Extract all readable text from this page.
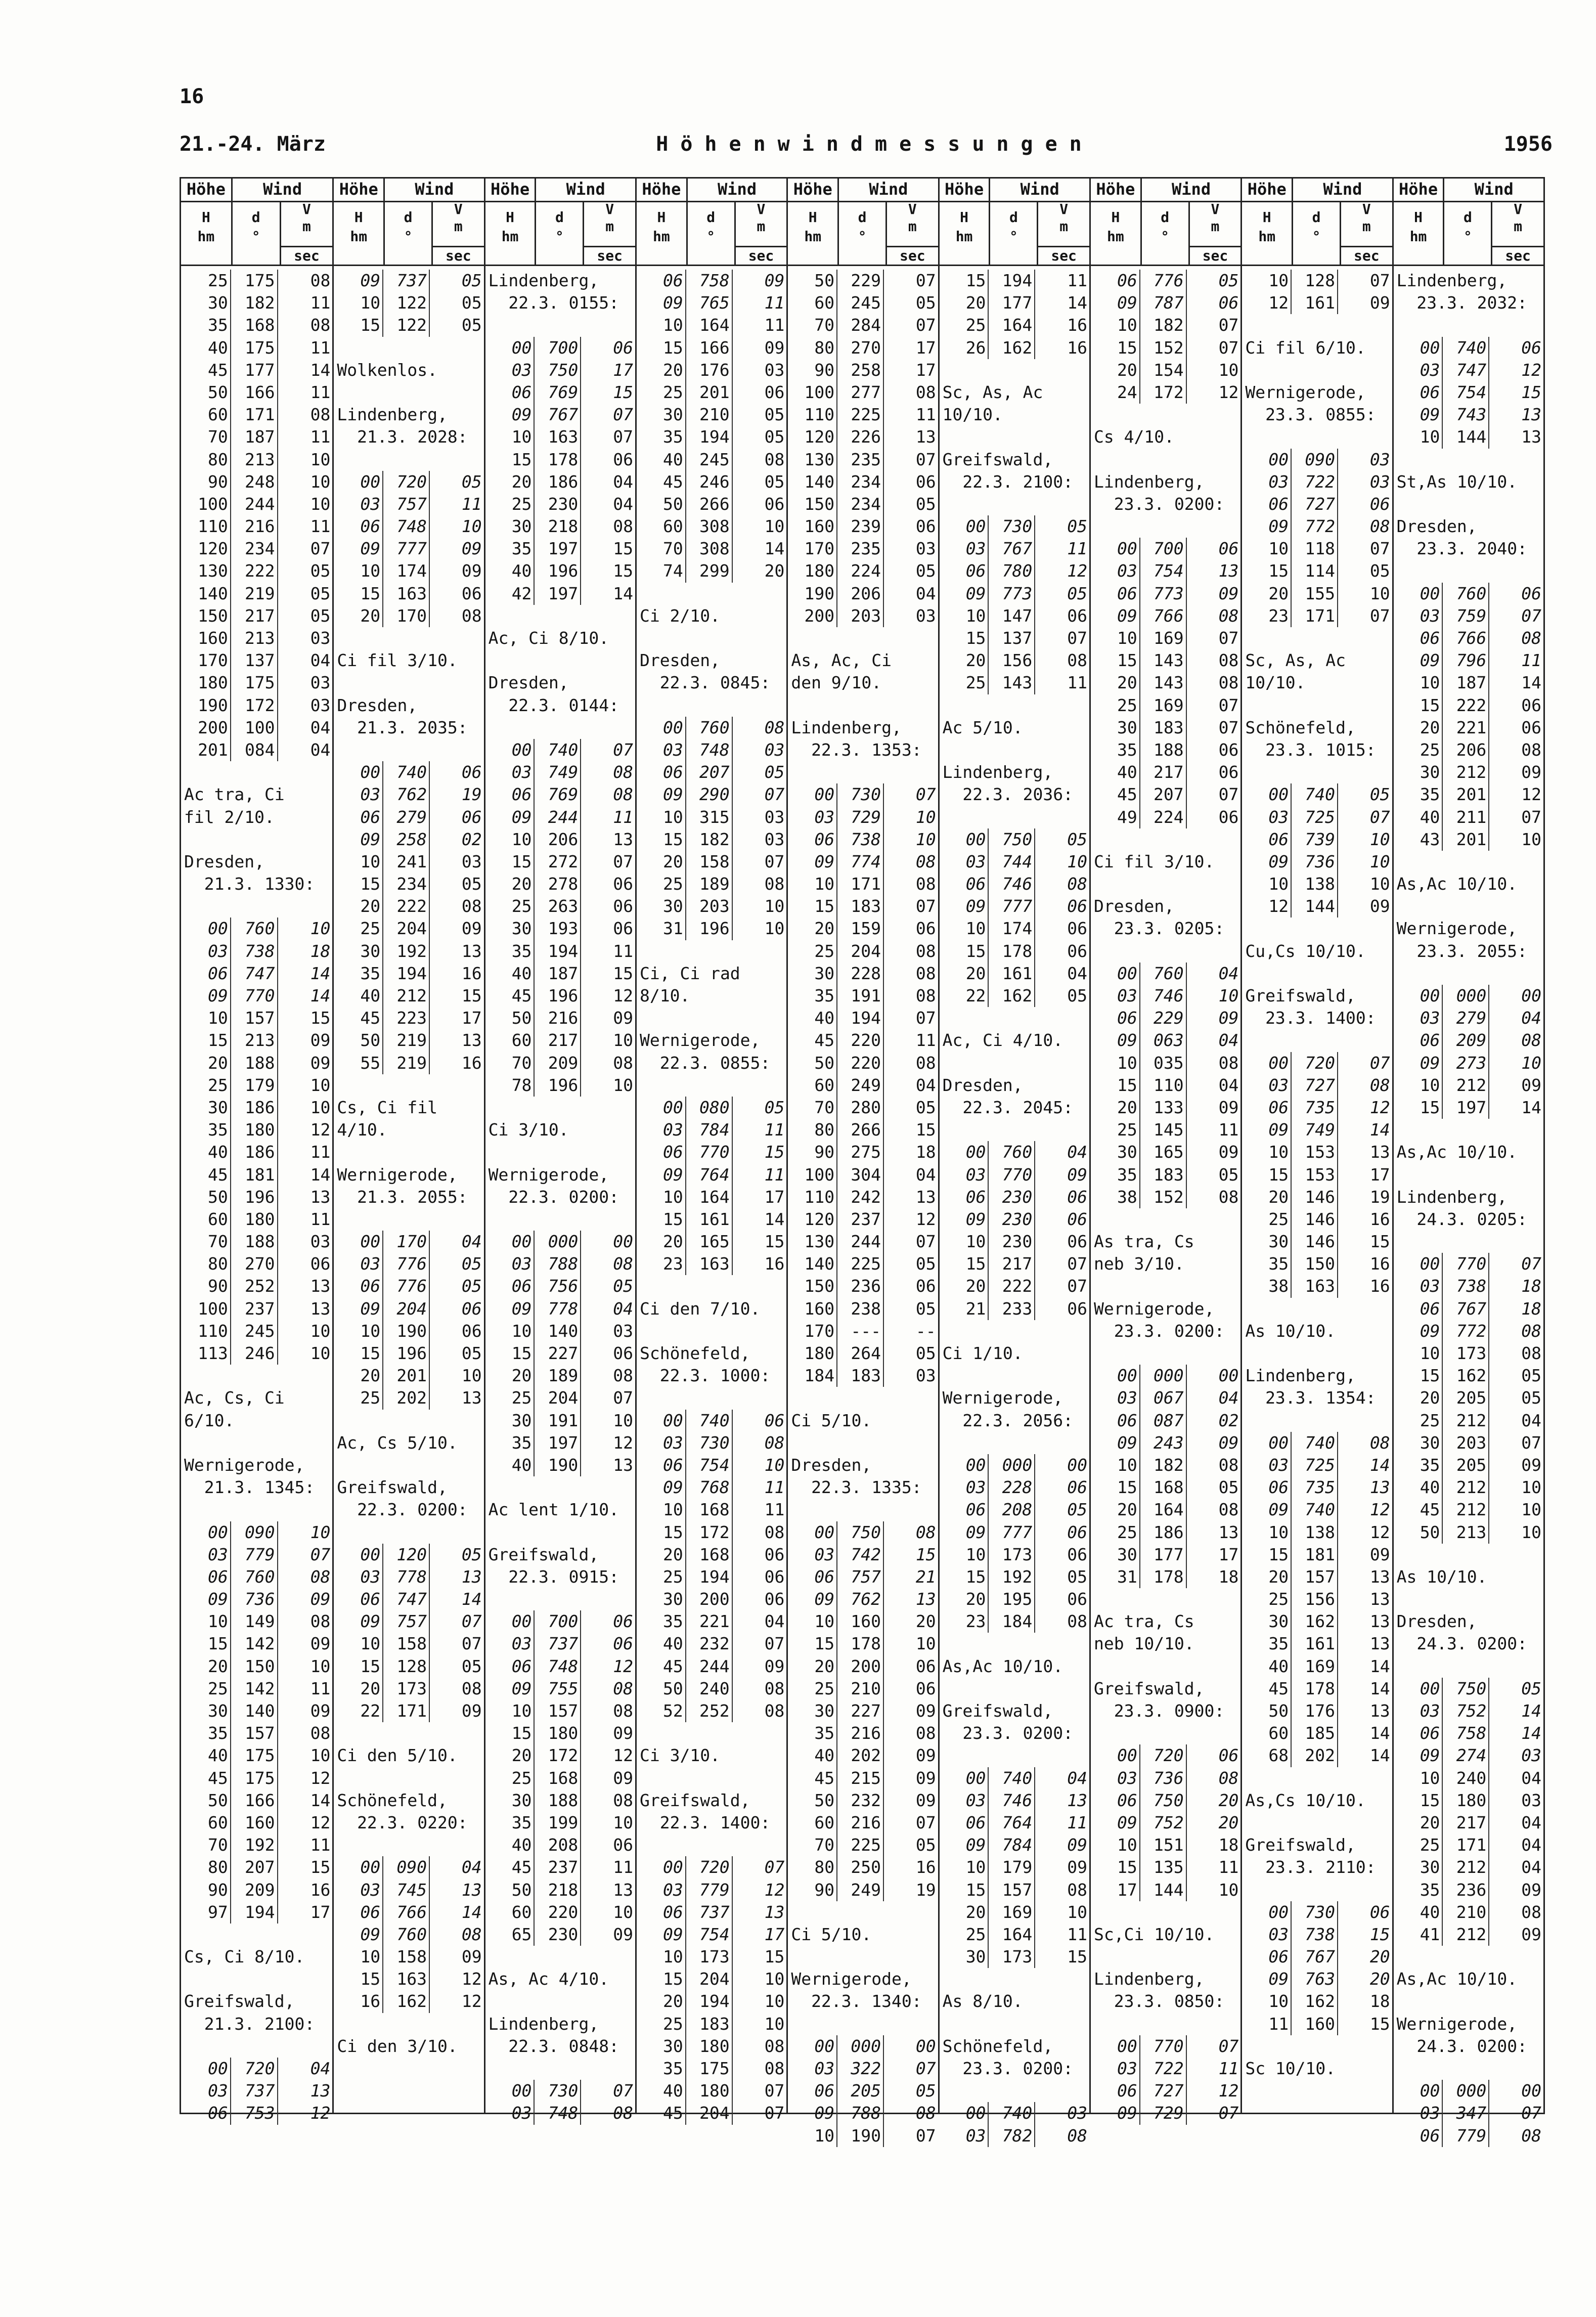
16
21.-24. März	Höhenwindmessungen	1956
Höhe	Wind
H
hm
d
°
V
m
sec
25	175	08
30	182	11
35	168	08
40	175	11
45	177	14
50	166	11
60	171	08
70	187	11
80	213	10
90	248	10
100	244	10
110	216	11
120	234	07
130	222	05
140	219	05
150	217	05
160	213	03
170	137	04
180	175	03
190	172	03
200	100	04
201	084	04
Ac tra, Ci
fil 2/10.
Dresden,
21.3. 1330:
00	760	10
03	738	18
06	747	14
09	770	14
10	157	15
15	213	09
20	188	09
25	179	10
30	186	10
35	180	12
40	186	11
45	181	14
50	196	13
60	180	11
70	188	03
80	270	06
90	252	13
100	237	13
110	245	10
113	246	10
Ac, Cs, Ci
6/10.
Wernigerode,
21.3. 1345:
00	090	10
03	779	07
06	760	08
09	736	09
10	149	08
15	142	09
20	150	10
25	142	11
30	140	09
35	157	08
40	175	10
45	175	12
50	166	14
60	160	12
70	192	11
80	207	15
90	209	16
97	194	17
Cs, Ci 8/10.
Greifswald,
21.3. 2100:
00	720	04
03	737	13
06	753	12
Höhe	Wind
H
hm
d
°
V
m
sec
09 737	05
10 122	05
15 122	05
Wolkenlos.
Lindenberg,
21.3. 2028:
00 720	05
03 757	11
06 748	10
09 777	09
10 174	09
15 163	06
20 170	08
Ci fil 3/10.
Dresden,
21.3. 2035:
00 740	06
03 762	19
06 279	06
09 258	02
10 241	03
15 234	05
20 222	08
25 204	09
30 192	13
35 194	16
40 212	15
45 223	17
50 219	13
55 219	16
Cs, Ci fil
4/10.
Wernigerode,
21.3. 2055:
00 170	04
03 776	05
06 776	05
09 204	06
10 190	06
15 196	05
20 201	10
25 202	13
Ac, Cs 5/10.
Greifswald,
22.3. 0200:
00 120	05
03 778	13
06 747	14
09 757	07
10 158	07
15 128	05
20 173	08
22 171	09
Ci den 5/10.
Schönefeld,
22.3. 0220:
00 090	04
03 745	13
06 766	14
09 760	08
10 158	09
15 163	12
16 162	12
Ci den 3/10.
Höhe	Wind
H
hm
d
°
V
m
sec
Lindenberg,
22.3. 0155:
00 700	06
03 750	17
06 769	15
09 767	07
10 163	07
15 178	06
20 186	04
25 230	04
30 218	08
35 197	15
40 196	15
42 197	14
Ac, Ci 8/10.
Dresden,
22.3. 0144:
00 740	07
03 749	08
06 769	08
09 244	11
10 206	13
15 272	07
20 278	06
25 263	06
30 193	06
35 194	11
40 187	15
45 196	12
50 216	09
60 217	10
70 209	08
78 196	10
Ci 3/10.
Wernigerode,
22.3. 0200:
00 000	00
03 788	08
06 756	05
09 778	04
10 140	03
15 227	06
20 189	08
25 204	07
30 191	10
35 197	12
40 190	13
Ac lent 1/10.
Greifswald,
22.3. 0915:
00 700	06
03 737	06
06 748	12
09 755	08
10 157	08
15 180	09
20 172	12
25 168	09
30 188	08
35 199	10
40 208	06
45 237	11
50 218	13
60 220	10
65 230	09
As, Ac 4/10.
Lindenberg,
22.3. 0848:
00 730	07
03 748	08
Höhe	Wind
H
hm
d
°
V
m
sec
06 758	09
09 765	11
10 164	11
15 166	09
20 176	03
25 201	06
30 210	05
35 194	05
40 245	08
45 246	05
50 266	06
60 308	10
70 308	14
74 299	20
Ci 2/10.
Dresden,
22.3. 0845:
00 760	08
03 748	03
06 207	05
09 290	07
10 315	03
15 182	03
20 158	07
25 189	08
30 203	10
31 196	10
Ci, Ci rad
8/10.
Wernigerode,
22.3. 0855:
00 080	05
03 784	11
06 770	15
09 764	11
10 164	17
15 161	14
20 165	15
23 163	16
Ci den 7/10.
Schönefeld,
22.3. 1000:
00 740	06
03 730	08
06 754	10
09 768	11
10 168	11
15 172	08
20 168	06
25 194	06
30 200	06
35 221	04
40 232	07
45 244	09
50 240	08
52 252	08
Ci 3/10.
Greifswald,
22.3. 1400:
00 720	07
03 779	12
06 737	13
09 754	17
10 173	15
15 204	10
20 194	10
25 183	10
30 180	08
35 175	08
40 180	07
45 204	07
Höhe	Wind
H
hm
d
°
V
m
sec
50 229	07
60 245	05
70 284	07
80 270	17
90 258	17
100 277	08
110 225	11
120 226	13
130 235	07
140 234	06
150 234	05
160 239	06
170 235	03
180 224	05
190 206	04
200 203	03
As, Ac, Ci
den 9/10.
Lindenberg,
22.3. 1353:
00 730	07
03 729	10
06 738	10
09 774	08
10 171	08
15 183	07
20 159	06
25 204	08
30 228	08
35 191	08
40 194	07
45 220	11
50 220	08
60 249	04
70 280	05
80 266	15
90 275	18
100 304	04
110 242	13
120 237	12
130 244	07
140 225	05
150 236	06
160 238	05
170 ---	--
180 264	05
184 183	03
Ci 5/10.
Dresden,
22.3. 1335:
00 750	08
03 742	15
06 757	21
09 762	13
10 160	20
15 178	10
20 200	06
25 210	06
30 227	09
35 216	08
40 202	09
45 215	09
50 232	09
60 216	07
70 225	05
80 250	16
90 249	19
Ci 5/10.
Wernigerode,
22.3. 1340:
00 000	00
03 322	07
06 205	05
09 788	08
10 190	07
Höhe	Wind
H
hm
d
°
V
m
sec
15 194	11
20 177	14
25 164	16
26 162	16
Sc, As, Ac
10/10.
Greifswald,
22.3. 2100:
00 730	05
03 767	11
06 780	12
09 773	05
10 147	06
15 137	07
20 156	08
25 143	11
Ac 5/10.
Lindenberg,
22.3. 2036:
00 750	05
03 744	10
06 746	08
09 777	06
10 174	06
15 178	06
20 161	04
22 162	05
Ac, Ci 4/10.
Dresden,
22.3. 2045:
00 760	04
03 770	09
06 230	06
09 230	06
10 230	06
15 217	07
20 222	07
21 233	06
Ci 1/10.
Wernigerode,
22.3. 2056:
00 000	00
03 228	06
06 208	05
09 777	06
10 173	06
15 192	05
20 195	06
23 184	08
As,Ac 10/10.
Greifswald,
23.3. 0200:
00 740	04
03 746	13
06 764	11
09 784	09
10 179	09
15 157	08
20 169	10
25 164	11
30 173	15
As 8/10.
Schönefeld,
23.3. 0200:
00 740	03
03 782	08
Höhe	Wind
H
hm
d
°
V
m
sec
06 776	05
09 787	06
10 182	07
15 152	07
20 154	10
24 172	12
Cs 4/10.
Lindenberg,
23.3. 0200:
00 700	06
03 754	13
06 773	09
09 766	08
10 169	07
15 143	08
20 143	08
25 169	07
30 183	07
35 188	06
40 217	06
45 207	07
49 224	06
Ci fil 3/10.
Dresden,
23.3. 0205:
00 760	04
03 746	10
06 229	09
09 063	04
10 035	08
15 110	04
20 133	09
25 145	11
30 165	09
35 183	05
38 152	08
As tra, Cs
neb 3/10.
Wernigerode,
23.3. 0200:
00 000	00
03 067	04
06 087	02
09 243	09
10 182	08
15 168	05
20 164	08
25 186	13
30 177	17
31 178	18
Ac tra, Cs
neb 10/10.
Greifswald,
23.3. 0900:
00 720	06
03 736	08
06 750	20
09 752	20
10 151	18
15 135	11
17 144	10
Sc,Ci 10/10.
Lindenberg,
23.3. 0850:
00 770	07
03 722	11
06 727	12
09 729	07
Höhe	Wind
H
hm
d
°
V
m
sec
10 128	07
12 161	09
Ci fil 6/10.
Wernigerode,
23.3. 0855:
00 090	03
03 722	03
06 727	06
09 772	08
10 118	07
15 114	05
20 155	10
23 171	07
Sc, As, Ac
10/10.
Schönefeld,
23.3. 1015:
00 740	05
03 725	07
06 739	10
09 736	10
10 138	10
12 144	09
Cu,Cs 10/10.
Greifswald,
23.3. 1400:
00 720	07
03 727	08
06 735	12
09 749	14
10 153	13
15 153	17
20 146	19
25 146	16
30 146	15
35 150	16
38 163	16
As 10/10.
Lindenberg,
23.3. 1354:
00 740	08
03 725	14
06 735	13
09 740	12
10 138	12
15 181	09
20 157	13
25 156	13
30 162	13
35 161	13
40 169	14
45 178	14
50 176	13
60 185	14
68 202	14
As,Cs 10/10.
Greifswald,
23.3. 2110:
00 730	06
03 738	15
06 767	20
09 763	20
10 162	18
11 160	15
Sc 10/10.
Höhe	Wind
H
hm
d
°
V
m
sec
Lindenberg,
23.3. 2032:
00 740	06
03 747	12
06 754	15
09 743	13
10 144	13
St,As 10/10.
Dresden,
23.3. 2040:
00 760	06
03 759	07
06 766	08
09 796	11
10 187	14
15 222	06
20 221	06
25 206	08
30 212	09
35 201	12
40 211	07
43 201	10
As,Ac 10/10.
Wernigerode,
23.3. 2055:
00 000	00
03 279	04
06 209	08
09 273	10
10 212	09
15 197	14
As,Ac 10/10.
Lindenberg,
24.3. 0205:
00 770	07
03 738	18
06 767	18
09 772	08
10 173	08
15 162	05
20 205	05
25 212	04
30 203	07
35 205	09
40 212	10
45 212	10
50 213	10
As 10/10.
Dresden,
24.3. 0200:
00 750	05
03 752	14
06 758	14
09 274	03
10 240	04
15 180	03
20 217	04
25 171	04
30 212	04
35 236	09
40 210	08
41 212	09
As,Ac 10/10.
Wernigerode,
24.3. 0200:
00 000	00
03 347	07
06 779	08
